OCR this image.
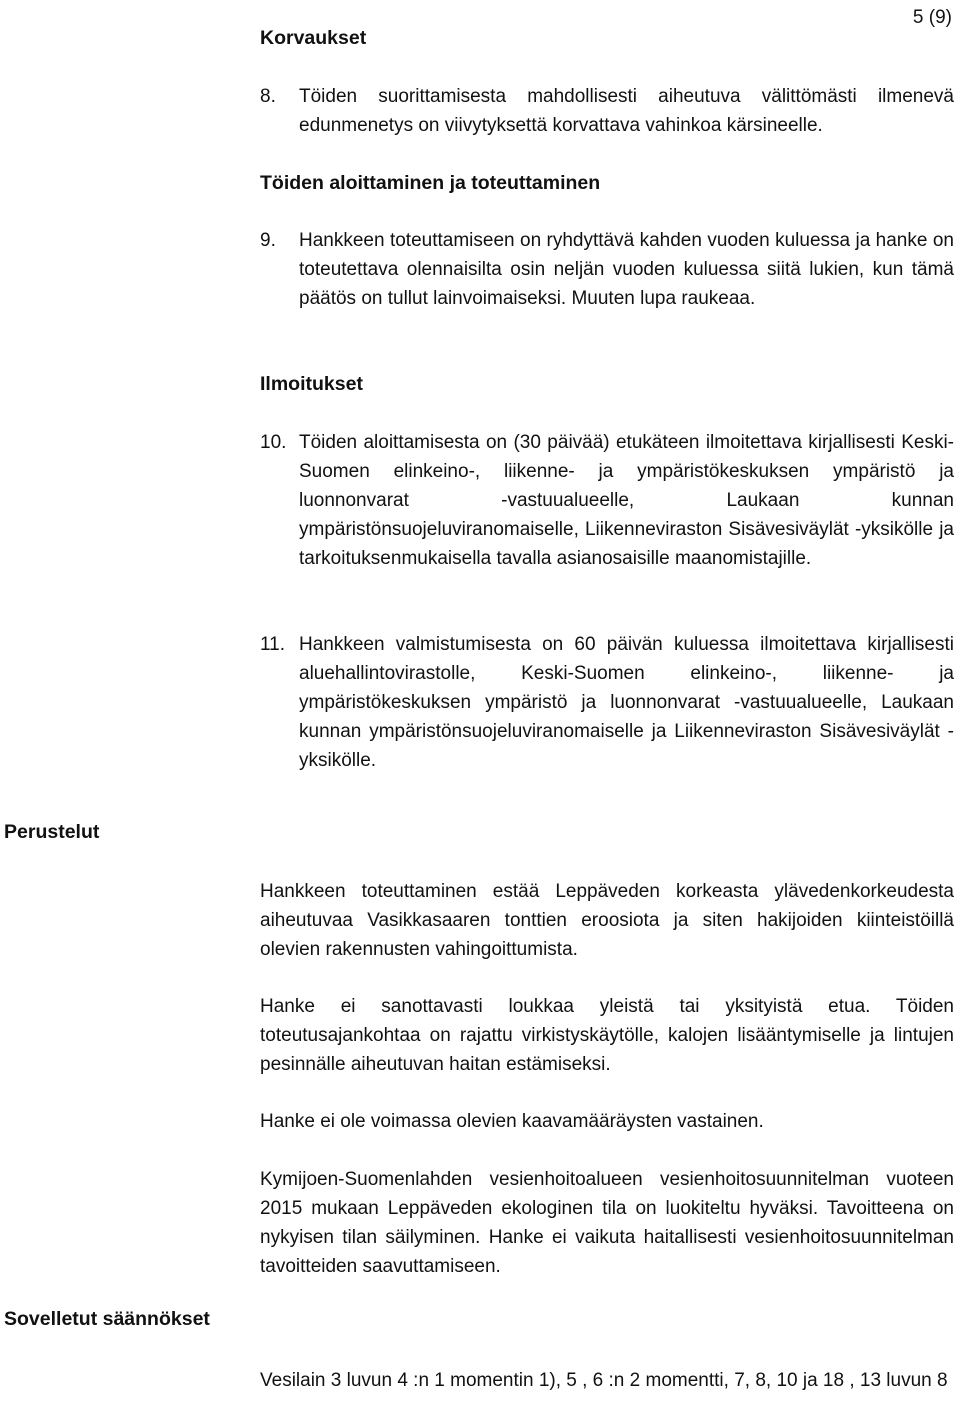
5 (9)
Korvaukset
8. Töiden suorittamisesta mahdollisesti aiheutuva välittömästi ilmenevä edunmenetys on viivytyksettä korvattava vahinkoa kärsineelle.
Töiden aloittaminen ja toteuttaminen
9. Hankkeen toteuttamiseen on ryhdyttävä kahden vuoden kuluessa ja hanke on toteutettava olennaisilta osin neljän vuoden kuluessa siitä lukien, kun tämä päätös on tullut lainvoimaiseksi. Muuten lupa raukeaa.
Ilmoitukset
10. Töiden aloittamisesta on (30 päivää) etukäteen ilmoitettava kirjallisesti Keski-Suomen elinkeino-, liikenne- ja ympäristökeskuksen ympäristö ja luonnonvarat -vastuualueelle, Laukaan kunnan ympäristönsuojeluviranomaiselle, Liikenneviraston Sisävesiväylät -yksikölle ja tarkoituksenmukaisella tavalla asianosaisille maanomistajille.
11. Hankkeen valmistumisesta on 60 päivän kuluessa ilmoitettava kirjallisesti aluehallintovirastolle, Keski-Suomen elinkeino-, liikenne- ja ympäristökeskuksen ympäristö ja luonnonvarat -vastuualueelle, Laukaan kunnan ympäristönsuojeluviranomaiselle ja Liikenneviraston Sisävesiväylät -yksikölle.
Perustelut

Hankkeen toteuttaminen estää Leppäveden korkeasta ylävedenkorkeudesta aiheutuvaa Vasikkasaaren tonttien eroosiota ja siten hakijoiden kiinteistöillä olevien rakennusten vahingoittumista.

Hanke ei sanottavasti loukkaa yleistä tai yksityistä etua. Töiden toteutusajankohtaa on rajattu virkistyskäytölle, kalojen lisääntymiselle ja lintujen pesinnälle aiheutuvan haitan estämiseksi.

Hanke ei ole voimassa olevien kaavamääräysten vastainen.

Kymijoen-Suomenlahden vesienhoitoalueen vesienhoitosuunnitelman vuoteen 2015 mukaan Leppäveden ekologinen tila on luokiteltu hyväksi. Tavoitteena on nykyisen tilan säilyminen. Hanke ei vaikuta haitallisesti vesienhoitosuunnitelman tavoitteiden saavuttamiseen.

Sovelletut säännökset

Vesilain 3 luvun 4 :n 1 momentin 1), 5 , 6 :n 2 momentti, 7, 8, 10 ja 18 , 13 luvun 8
